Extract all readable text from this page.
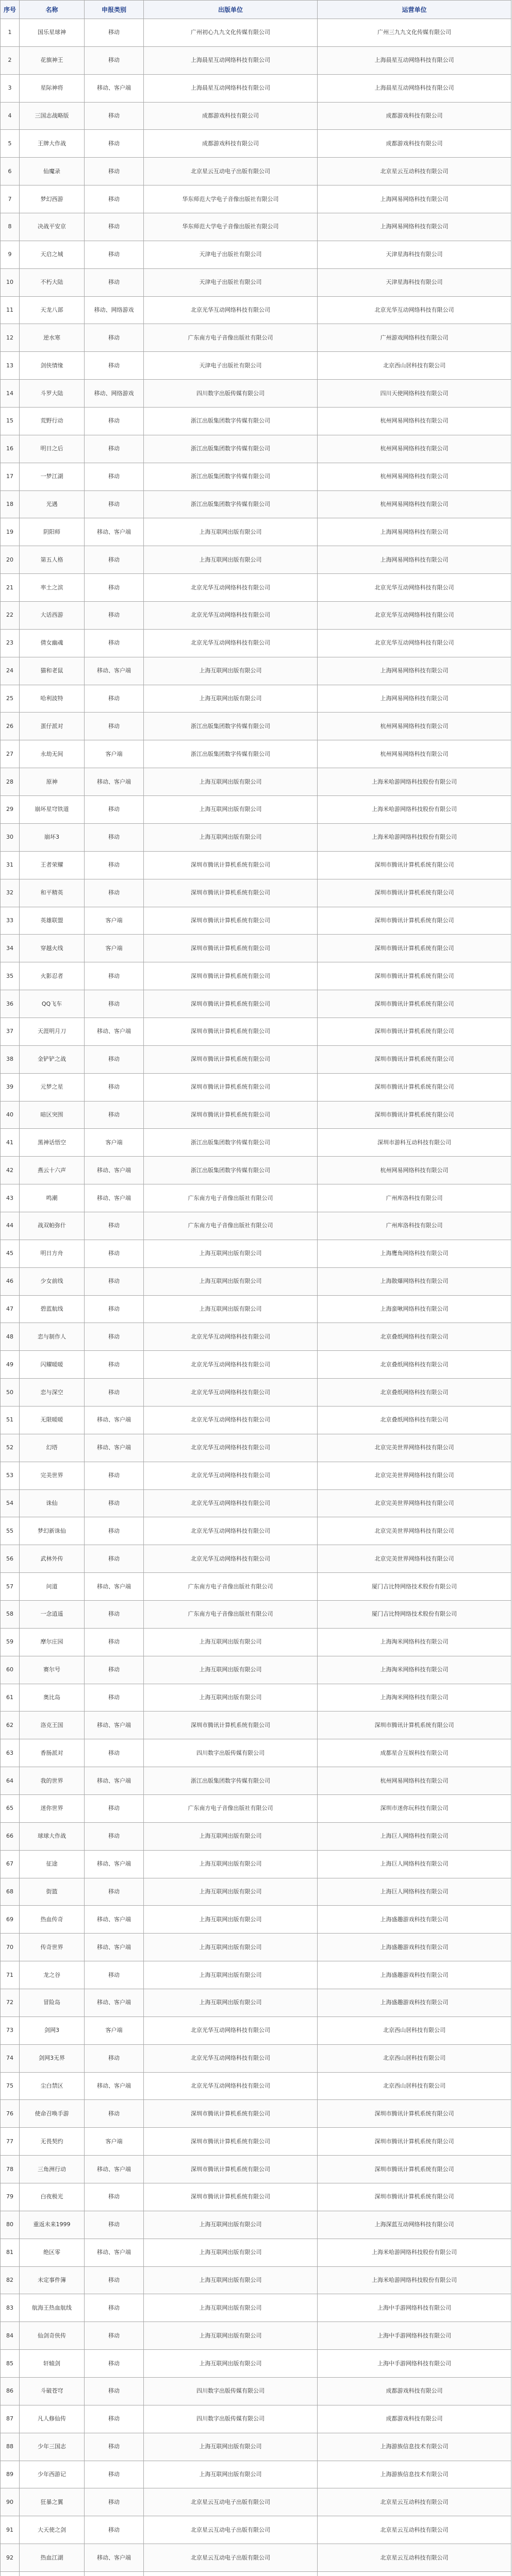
序号	名称	申报类别	出版单位	运营单位
1	国乐星球神	移动	广州初心九九文化传媒有限公司	广州三九九文化传媒有限公司
2	花旗神王	移动	上海晨星互动网络科技有限公司	上海晨星互动网络科技有限公司
3	星际神将	移动、客户端	上海晨星互动网络科技有限公司	上海晨星互动网络科技有限公司
4	三国志战略版	移动	成都游戏科技有限公司	成都游戏科技有限公司
5	王牌大作战	移动	成都游戏科技有限公司	成都游戏科技有限公司
6	仙魔录	移动	北京星云互动电子出版有限公司	北京星云互动科技有限公司
7	梦幻西游	移动	华东师范大学电子音像出版社有限公司	上海网易网络科技有限公司
8	决战平安京	移动	华东师范大学电子音像出版社有限公司	上海网易网络科技有限公司
9	天启之城	移动	天津电子出版社有限公司	天津星海科技有限公司
10	不朽大陆	移动	天津电子出版社有限公司	天津星海科技有限公司
11	天龙八部	移动、网络游戏	北京光华互动网络科技有限公司	北京光华互动网络科技有限公司
12	逆水寒	移动	广东南方电子音像出版社有限公司	广州游戏网络科技有限公司
13	剑侠情缘	移动	天津电子出版社有限公司	北京西山居科技有限公司
14	斗罗大陆	移动、网络游戏	四川数字出版传媒有限公司	四川天使网络科技有限公司
15	荒野行动	移动	浙江出版集团数字传媒有限公司	杭州网易网络科技有限公司
16	明日之后	移动	浙江出版集团数字传媒有限公司	杭州网易网络科技有限公司
17	一梦江湖	移动	浙江出版集团数字传媒有限公司	杭州网易网络科技有限公司
18	光遇	移动	浙江出版集团数字传媒有限公司	杭州网易网络科技有限公司
19	阴阳师	移动、客户端	上海互联网出版有限公司	上海网易网络科技有限公司
20	第五人格	移动	上海互联网出版有限公司	上海网易网络科技有限公司
21	率土之滨	移动	北京光华互动网络科技有限公司	北京光华互动网络科技有限公司
22	大话西游	移动	北京光华互动网络科技有限公司	北京光华互动网络科技有限公司
23	倩女幽魂	移动	北京光华互动网络科技有限公司	北京光华互动网络科技有限公司
24	猫和老鼠	移动、客户端	上海互联网出版有限公司	上海网易网络科技有限公司
25	哈利波特	移动	上海互联网出版有限公司	上海网易网络科技有限公司
26	蛋仔派对	移动	浙江出版集团数字传媒有限公司	杭州网易网络科技有限公司
27	永劫无间	客户端	浙江出版集团数字传媒有限公司	杭州网易网络科技有限公司
28	原神	移动、客户端	上海互联网出版有限公司	上海米哈游网络科技股份有限公司
29	崩坏星穹铁道	移动	上海互联网出版有限公司	上海米哈游网络科技股份有限公司
30	崩坏3	移动	上海互联网出版有限公司	上海米哈游网络科技股份有限公司
31	王者荣耀	移动	深圳市腾讯计算机系统有限公司	深圳市腾讯计算机系统有限公司
32	和平精英	移动	深圳市腾讯计算机系统有限公司	深圳市腾讯计算机系统有限公司
33	英雄联盟	客户端	深圳市腾讯计算机系统有限公司	深圳市腾讯计算机系统有限公司
34	穿越火线	客户端	深圳市腾讯计算机系统有限公司	深圳市腾讯计算机系统有限公司
35	火影忍者	移动	深圳市腾讯计算机系统有限公司	深圳市腾讯计算机系统有限公司
36	QQ飞车	移动	深圳市腾讯计算机系统有限公司	深圳市腾讯计算机系统有限公司
37	天涯明月刀	移动、客户端	深圳市腾讯计算机系统有限公司	深圳市腾讯计算机系统有限公司
38	金铲铲之战	移动	深圳市腾讯计算机系统有限公司	深圳市腾讯计算机系统有限公司
39	元梦之星	移动	深圳市腾讯计算机系统有限公司	深圳市腾讯计算机系统有限公司
40	暗区突围	移动	深圳市腾讯计算机系统有限公司	深圳市腾讯计算机系统有限公司
41	黑神话悟空	客户端	浙江出版集团数字传媒有限公司	深圳市游科互动科技有限公司
42	燕云十六声	移动、客户端	浙江出版集团数字传媒有限公司	杭州网易网络科技有限公司
43	鸣潮	移动、客户端	广东南方电子音像出版社有限公司	广州库洛科技有限公司
44	战双帕弥什	移动	广东南方电子音像出版社有限公司	广州库洛科技有限公司
45	明日方舟	移动	上海互联网出版有限公司	上海鹰角网络科技有限公司
46	少女前线	移动	上海互联网出版有限公司	上海散爆网络科技有限公司
47	碧蓝航线	移动	上海互联网出版有限公司	上海蛮啾网络科技有限公司
48	恋与制作人	移动	北京光华互动网络科技有限公司	北京叠纸网络科技有限公司
49	闪耀暖暖	移动	北京光华互动网络科技有限公司	北京叠纸网络科技有限公司
50	恋与深空	移动	北京光华互动网络科技有限公司	北京叠纸网络科技有限公司
51	无限暖暖	移动、客户端	北京光华互动网络科技有限公司	北京叠纸网络科技有限公司
52	幻塔	移动、客户端	北京光华互动网络科技有限公司	北京完美世界网络科技有限公司
53	完美世界	移动	北京光华互动网络科技有限公司	北京完美世界网络科技有限公司
54	诛仙	移动	北京光华互动网络科技有限公司	北京完美世界网络科技有限公司
55	梦幻新诛仙	移动	北京光华互动网络科技有限公司	北京完美世界网络科技有限公司
56	武林外传	移动	北京光华互动网络科技有限公司	北京完美世界网络科技有限公司
57	问道	移动、客户端	广东南方电子音像出版社有限公司	厦门吉比特网络技术股份有限公司
58	一念逍遥	移动	广东南方电子音像出版社有限公司	厦门吉比特网络技术股份有限公司
59	摩尔庄园	移动	上海互联网出版有限公司	上海淘米网络科技有限公司
60	赛尔号	移动	上海互联网出版有限公司	上海淘米网络科技有限公司
61	奥比岛	移动	上海互联网出版有限公司	上海淘米网络科技有限公司
62	洛克王国	移动、客户端	深圳市腾讯计算机系统有限公司	深圳市腾讯计算机系统有限公司
63	香肠派对	移动	四川数字出版传媒有限公司	成都星合互娱科技有限公司
64	我的世界	移动、客户端	浙江出版集团数字传媒有限公司	杭州网易网络科技有限公司
65	迷你世界	移动	广东南方电子音像出版社有限公司	深圳市迷你玩科技有限公司
66	球球大作战	移动	上海互联网出版有限公司	上海巨人网络科技有限公司
67	征途	移动、客户端	上海互联网出版有限公司	上海巨人网络科技有限公司
68	街篮	移动	上海互联网出版有限公司	上海巨人网络科技有限公司
69	热血传奇	移动、客户端	上海互联网出版有限公司	上海盛趣游戏科技有限公司
70	传奇世界	移动、客户端	上海互联网出版有限公司	上海盛趣游戏科技有限公司
71	龙之谷	移动	上海互联网出版有限公司	上海盛趣游戏科技有限公司
72	冒险岛	移动、客户端	上海互联网出版有限公司	上海盛趣游戏科技有限公司
73	剑网3	客户端	北京光华互动网络科技有限公司	北京西山居科技有限公司
74	剑网3无界	移动	北京光华互动网络科技有限公司	北京西山居科技有限公司
75	尘白禁区	移动、客户端	北京光华互动网络科技有限公司	北京西山居科技有限公司
76	使命召唤手游	移动	深圳市腾讯计算机系统有限公司	深圳市腾讯计算机系统有限公司
77	无畏契约	客户端	深圳市腾讯计算机系统有限公司	深圳市腾讯计算机系统有限公司
78	三角洲行动	移动、客户端	深圳市腾讯计算机系统有限公司	深圳市腾讯计算机系统有限公司
79	白夜极光	移动	深圳市腾讯计算机系统有限公司	深圳市腾讯计算机系统有限公司
80	重返未来1999	移动	上海互联网出版有限公司	上海深蓝互动网络科技有限公司
81	绝区零	移动、客户端	上海互联网出版有限公司	上海米哈游网络科技股份有限公司
82	未定事件簿	移动	上海互联网出版有限公司	上海米哈游网络科技股份有限公司
83	航海王热血航线	移动	上海互联网出版有限公司	上海中手游网络科技有限公司
84	仙剑奇侠传	移动	上海互联网出版有限公司	上海中手游网络科技有限公司
85	轩辕剑	移动	上海互联网出版有限公司	上海中手游网络科技有限公司
86	斗破苍穹	移动	四川数字出版传媒有限公司	成都游戏科技有限公司
87	凡人修仙传	移动	四川数字出版传媒有限公司	成都游戏科技有限公司
88	少年三国志	移动	上海互联网出版有限公司	上海游族信息技术有限公司
89	少年西游记	移动	上海互联网出版有限公司	上海游族信息技术有限公司
90	狂暴之翼	移动	北京星云互动电子出版有限公司	北京星云互动科技有限公司
91	大天使之剑	移动	北京星云互动电子出版有限公司	北京星云互动科技有限公司
92	热血江湖	移动、客户端	北京星云互动电子出版有限公司	北京星云互动科技有限公司
